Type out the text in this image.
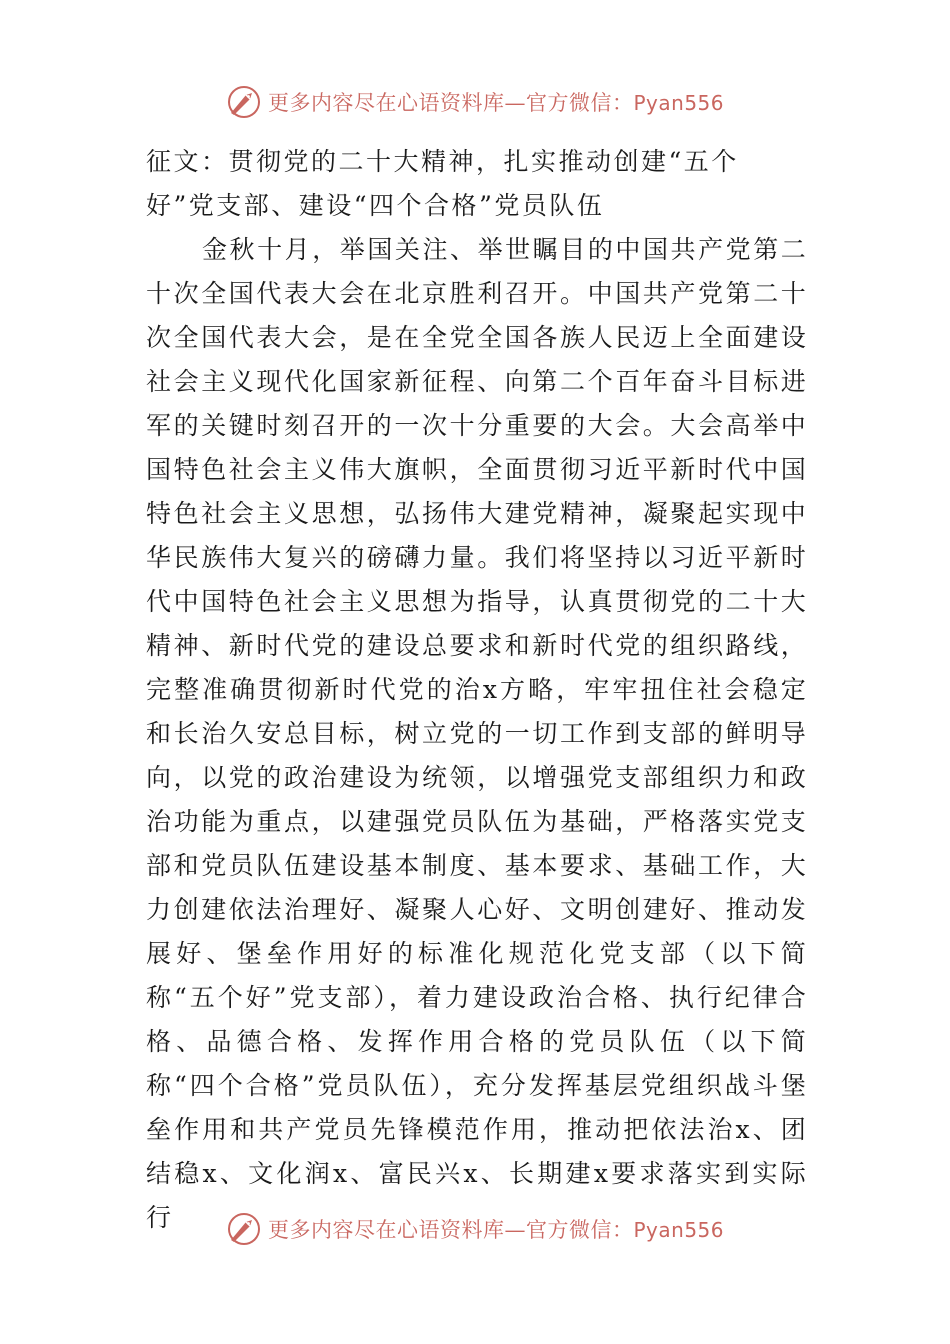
更多内容尽在心语资料库—官方微信：Pyan556
征文：贯彻党的二十大精神，扎实推动创建“五个好”党支部、建设“四个合格”党员队伍

金秋十月，举国关注、举世瞩目的中国共产党第二十次全国代表大会在北京胜利召开。中国共产党第二十次全国代表大会，是在全党全国各族人民迈上全面建设社会主义现代化国家新征程、向第二个百年奋斗目标进军的关键时刻召开的一次十分重要的大会。大会高举中国特色社会主义伟大旗帜，全面贯彻习近平新时代中国特色社会主义思想，弘扬伟大建党精神，凝聚起实现中华民族伟大复兴的磅礴力量。我们将坚持以习近平新时代中国特色社会主义思想为指导，认真贯彻党的二十大精神、新时代党的建设总要求和新时代党的组织路线，完整准确贯彻新时代党的治x方略，牢牢扭住社会稳定和长治久安总目标，树立党的一切工作到支部的鲜明导向，以党的政治建设为统领，以增强党支部组织力和政治功能为重点，以建强党员队伍为基础，严格落实党支部和党员队伍建设基本制度、基本要求、基础工作，大力创建依法治理好、凝聚人心好、文明创建好、推动发展好、堡垒作用好的标准化规范化党支部（以下简称“五个好”党支部），着力建设政治合格、执行纪律合格、品德合格、发挥作用合格的党员队伍（以下简称“四个合格”党员队伍），充分发挥基层党组织战斗堡垒作用和共产党员先锋模范作用，推动把依法治x、团结稳x、文化润x、富民兴x、长期建x要求落实到实际行	更多内容尽在心语资料库—官方微信：Pyan556
